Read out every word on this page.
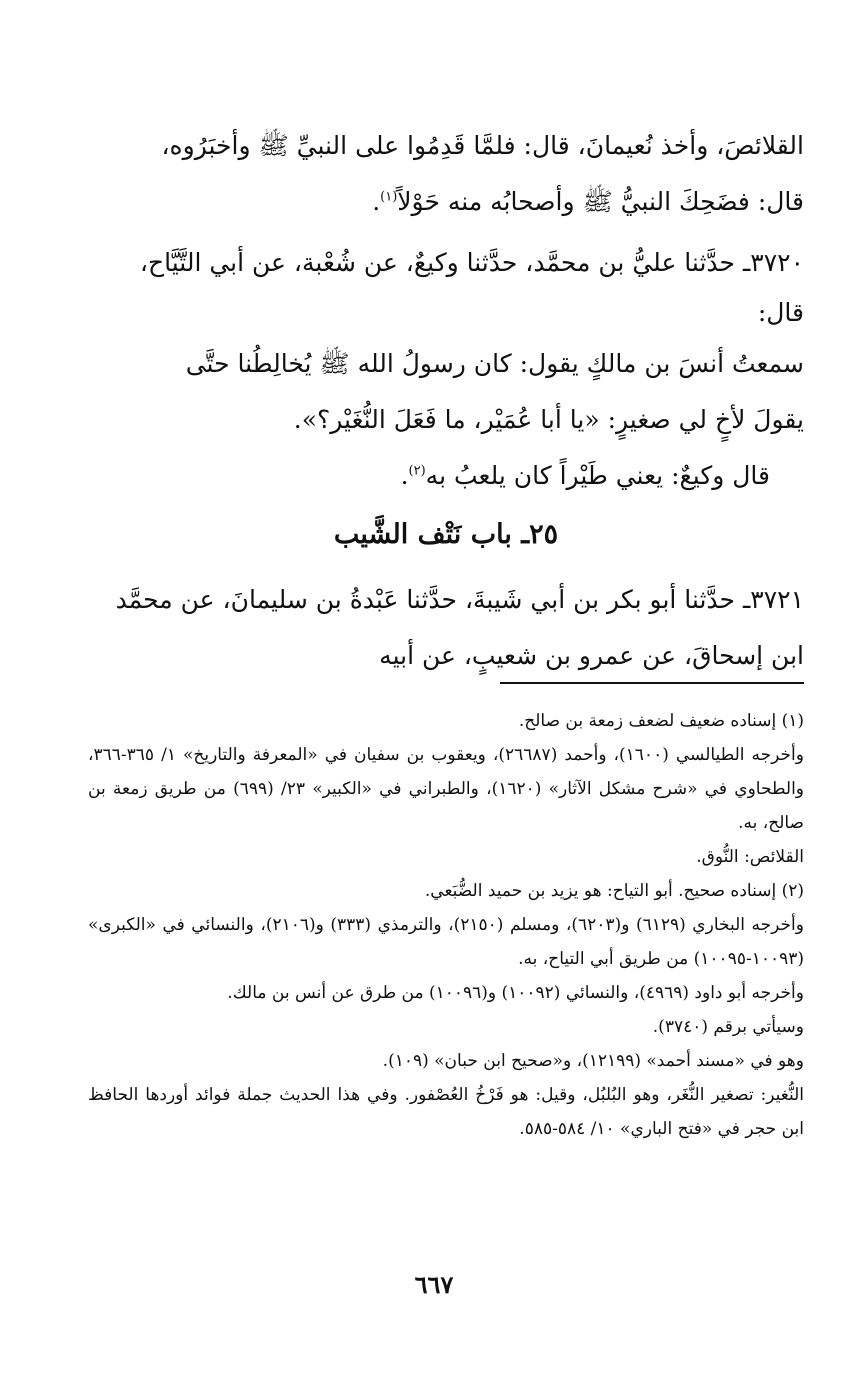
القلائصَ، وأخذ نُعيمانَ، قال: فلمَّا قَدِمُوا على النبيِّ ﷺ وأخبَرُوه،

قال: فضَحِكَ النبيُّ ﷺ وأصحابُه منه حَوْلاً$^{(١)}$.

٣٧٢٠ـ حدَّثنا عليُّ بن محمَّد، حدَّثنا وكيعٌ، عن شُعْبة، عن أبي التَّيَّاح،

قال:

سمعتُ أنسَ بن مالكٍ يقول: كان رسولُ الله ﷺ يُخالِطُنا حتَّى

يقولَ لأخٍ لي صغيرٍ: «يا أبا عُمَيْر، ما فَعَلَ النُّغَيْر؟».

قال وكيعٌ: يعني طَيْراً كان يلعبُ به$^{(٢)}$.

٢٥ـ باب نَتْف الشَّيب

٣٧٢١ـ حدَّثنا أبو بكر بن أبي شَيبةَ، حدَّثنا عَبْدةُ بن سليمانَ، عن محمَّد

ابن إسحاقَ، عن عمرو بن شعيبٍ، عن أبيه

(١) إسناده ضعيف لضعف زمعة بن صالح.

وأخرجه الطيالسي (١٦٠٠)، وأحمد (٢٦٦٨٧)، ويعقوب بن سفيان في «المعرفة والتاريخ» ١/ ٣٦٥-٣٦٦، والطحاوي في «شرح مشكل الآثار» (١٦٢٠)، والطبراني في «الكبير» ٢٣/ (٦٩٩) من طريق زمعة بن صالح، به.

القلائص: النُّوق.

(٢) إسناده صحيح. أبو التياح: هو يزيد بن حميد الضُّبَعي.

وأخرجه البخاري (٦١٢٩) و(٦٢٠٣)، ومسلم (٢١٥٠)، والترمذي (٣٣٣) و(٢١٠٦)، والنسائي في «الكبرى» (١٠٠٩٣-١٠٠٩٥) من طريق أبي التياح، به.

وأخرجه أبو داود (٤٩٦٩)، والنسائي (١٠٠٩٢) و(١٠٠٩٦) من طرق عن أنس بن مالك.

وسيأتي برقم (٣٧٤٠).

وهو في «مسند أحمد» (١٢١٩٩)، و«صحيح ابن حبان» (١٠٩).

النُّغير: تصغير النُّغَر، وهو البُلبُل، وقيل: هو فَرْخُ العُصْفور. وفي هذا الحديث جملة فوائد أوردها الحافظ ابن حجر في «فتح الباري» ١٠/ ٥٨٤-٥٨٥.

٦٦٧
